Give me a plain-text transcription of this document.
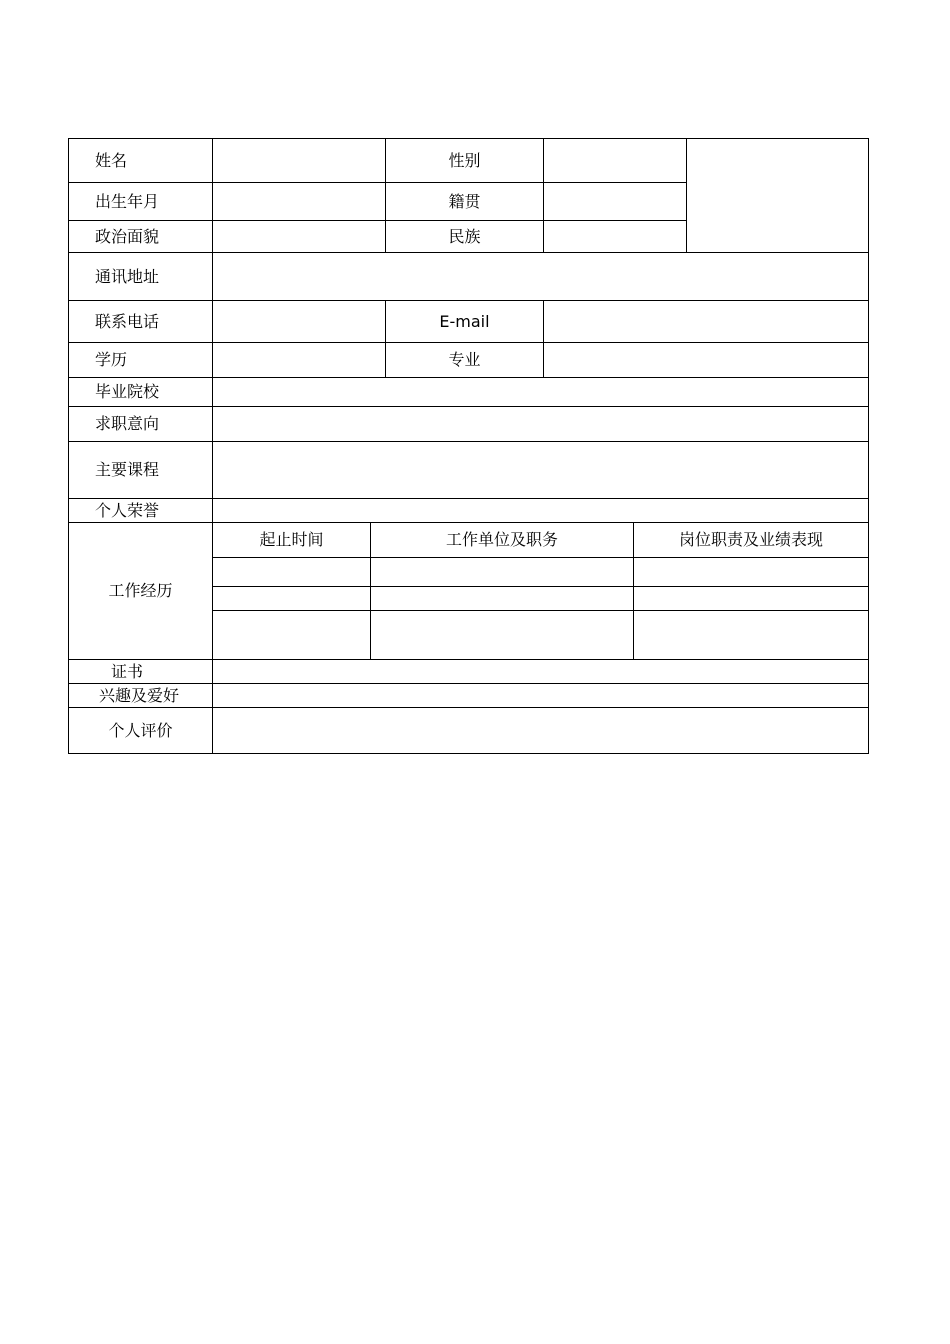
姓名			性别			
出生年月			籍贯			
政治面貌			民族			
通讯地址						
联系电话			E-mail			
学历			专业			
毕业院校						
求职意向						
主要课程						
个人荣誉						
工作经历	起止时间	工作单位及职务			岗位职责及业绩表现	

证书						
兴趣及爱好						
个人评价						
